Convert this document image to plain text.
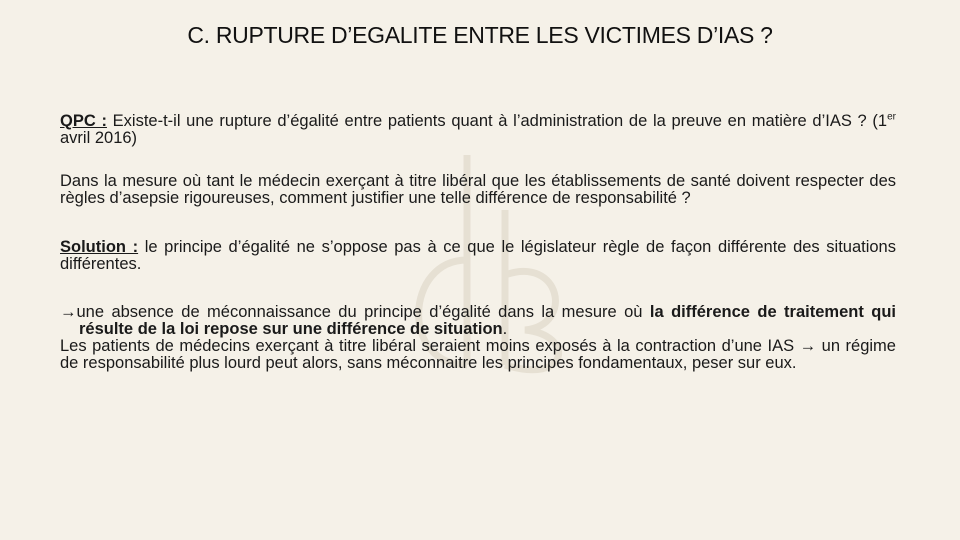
C. RUPTURE D’EGALITE ENTRE LES VICTIMES D’IAS ?

QPC : Existe-t-il une rupture d’égalité entre patients quant à l’administration de la preuve en matière d’IAS ? (1er avril 2016)

Dans la mesure où tant le médecin exerçant à titre libéral que les établissements de santé doivent respecter des règles d’asepsie rigoureuses, comment justifier une telle différence de responsabilité ?

Solution : le principe d’égalité ne s’oppose pas à ce que le législateur règle de façon différente des situations différentes.

→une absence de méconnaissance du principe d’égalité dans la mesure où la différence de traitement qui résulte de la loi repose sur une différence de situation.

Les patients de médecins exerçant à titre libéral seraient moins exposés à la contraction d’une IAS → un régime de responsabilité plus lourd peut alors, sans méconnaitre les principes fondamentaux, peser sur eux.
